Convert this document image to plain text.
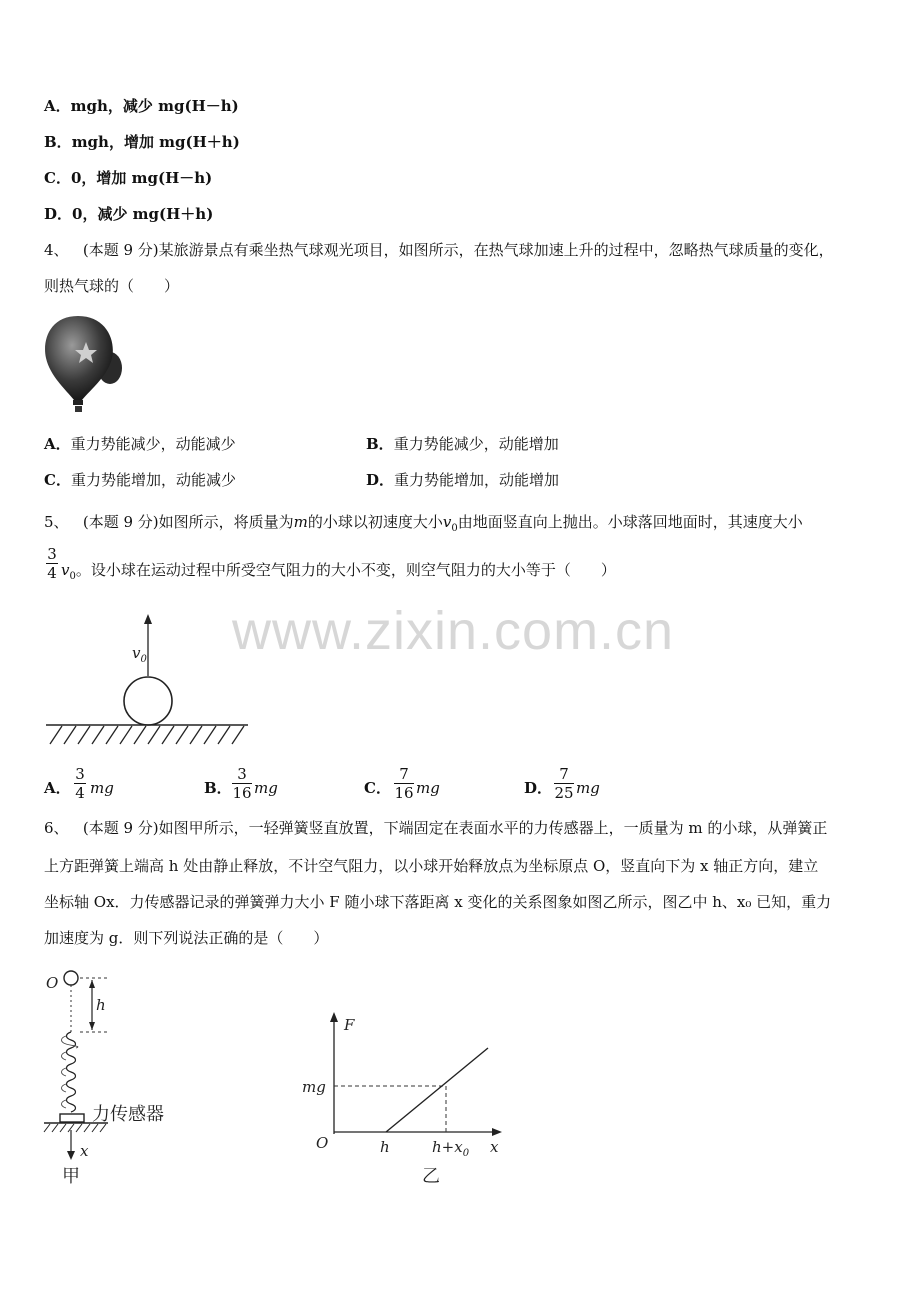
A．mgh，减少 mg(H－h)
B．mgh，增加 mg(H＋h)
C．0，增加 mg(H－h)
D．0，减少 mg(H＋h)
4、 (本题 9 分)某旅游景点有乘坐热气球观光项目，如图所示，在热气球加速上升的过程中，忽略热气球质量的变化，
则热气球的（　　）
A．重力势能减少，动能减少	B．重力势能减少，动能增加
C．重力势能增加，动能减少	D．重力势能增加，动能增加
5、 (本题 9 分)如图所示，将质量为m的小球以初速度大小$v_0$由地面竖直向上抛出。小球落回地面时，其速度大小
3
4 $v_0$。设小球在运动过程中所受空气阻力的大小不变，则空气阻力的大小等于（　　）
$v_0$ www.zixin.com.cn
A．
3
4 mg	B．
3
16 mg	C．
7
16 mg	D．
7
25 mg
6、 (本题 9 分)如图甲所示，一轻弹簧竖直放置，下端固定在表面水平的力传感器上，一质量为 m 的小球，从弹簧正
上方距弹簧上端高 h 处由静止释放，不计空气阻力，以小球开始释放点为坐标原点 O，竖直向下为 x 轴正方向，建立
坐标轴 Ox．力传感器记录的弹簧弹力大小 F 随小球下落距离 x 变化的关系图象如图乙所示，图乙中 h、x₀ 已知，重力
加速度为 g．则下列说法正确的是（　　）
O
h
力传感器
x
甲
F
mg
O	h	$h+x_0$ x
乙
